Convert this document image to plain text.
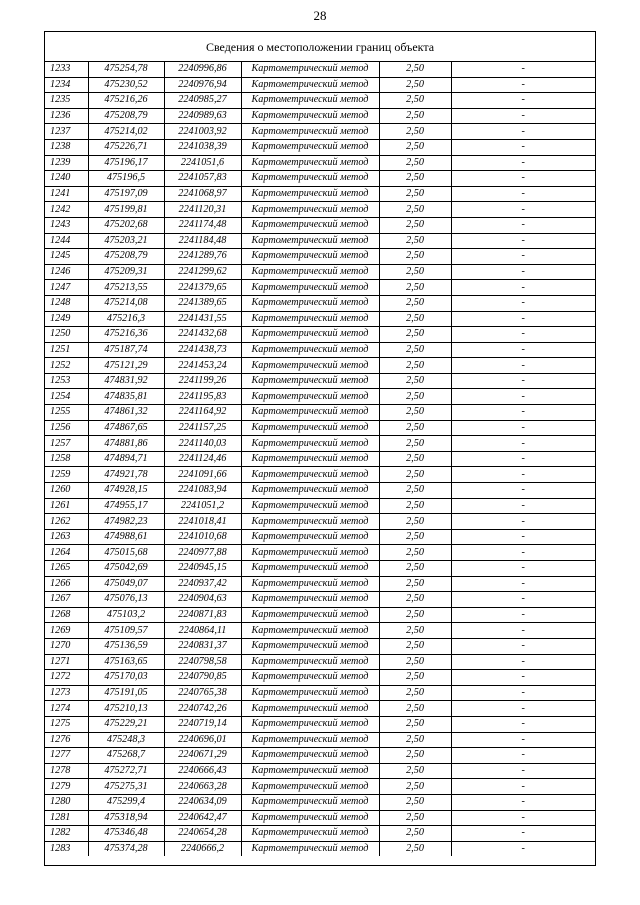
28
Сведения о местоположении границ объекта
1233	475254,78	2240996,86	Картометрический метод	2,50	-
1234	475230,52	2240976,94	Картометрический метод	2,50	-
1235	475216,26	2240985,27	Картометрический метод	2,50	-
1236	475208,79	2240989,63	Картометрический метод	2,50	-
1237	475214,02	2241003,92	Картометрический метод	2,50	-
1238	475226,71	2241038,39	Картометрический метод	2,50	-
1239	475196,17	2241051,6	Картометрический метод	2,50	-
1240	475196,5	2241057,83	Картометрический метод	2,50	-
1241	475197,09	2241068,97	Картометрический метод	2,50	-
1242	475199,81	2241120,31	Картометрический метод	2,50	-
1243	475202,68	2241174,48	Картометрический метод	2,50	-
1244	475203,21	2241184,48	Картометрический метод	2,50	-
1245	475208,79	2241289,76	Картометрический метод	2,50	-
1246	475209,31	2241299,62	Картометрический метод	2,50	-
1247	475213,55	2241379,65	Картометрический метод	2,50	-
1248	475214,08	2241389,65	Картометрический метод	2,50	-
1249	475216,3	2241431,55	Картометрический метод	2,50	-
1250	475216,36	2241432,68	Картометрический метод	2,50	-
1251	475187,74	2241438,73	Картометрический метод	2,50	-
1252	475121,29	2241453,24	Картометрический метод	2,50	-
1253	474831,92	2241199,26	Картометрический метод	2,50	-
1254	474835,81	2241195,83	Картометрический метод	2,50	-
1255	474861,32	2241164,92	Картометрический метод	2,50	-
1256	474867,65	2241157,25	Картометрический метод	2,50	-
1257	474881,86	2241140,03	Картометрический метод	2,50	-
1258	474894,71	2241124,46	Картометрический метод	2,50	-
1259	474921,78	2241091,66	Картометрический метод	2,50	-
1260	474928,15	2241083,94	Картометрический метод	2,50	-
1261	474955,17	2241051,2	Картометрический метод	2,50	-
1262	474982,23	2241018,41	Картометрический метод	2,50	-
1263	474988,61	2241010,68	Картометрический метод	2,50	-
1264	475015,68	2240977,88	Картометрический метод	2,50	-
1265	475042,69	2240945,15	Картометрический метод	2,50	-
1266	475049,07	2240937,42	Картометрический метод	2,50	-
1267	475076,13	2240904,63	Картометрический метод	2,50	-
1268	475103,2	2240871,83	Картометрический метод	2,50	-
1269	475109,57	2240864,11	Картометрический метод	2,50	-
1270	475136,59	2240831,37	Картометрический метод	2,50	-
1271	475163,65	2240798,58	Картометрический метод	2,50	-
1272	475170,03	2240790,85	Картометрический метод	2,50	-
1273	475191,05	2240765,38	Картометрический метод	2,50	-
1274	475210,13	2240742,26	Картометрический метод	2,50	-
1275	475229,21	2240719,14	Картометрический метод	2,50	-
1276	475248,3	2240696,01	Картометрический метод	2,50	-
1277	475268,7	2240671,29	Картометрический метод	2,50	-
1278	475272,71	2240666,43	Картометрический метод	2,50	-
1279	475275,31	2240663,28	Картометрический метод	2,50	-
1280	475299,4	2240634,09	Картометрический метод	2,50	-
1281	475318,94	2240642,47	Картометрический метод	2,50	-
1282	475346,48	2240654,28	Картометрический метод	2,50	-
1283	475374,28	2240666,2	Картометрический метод	2,50	-
